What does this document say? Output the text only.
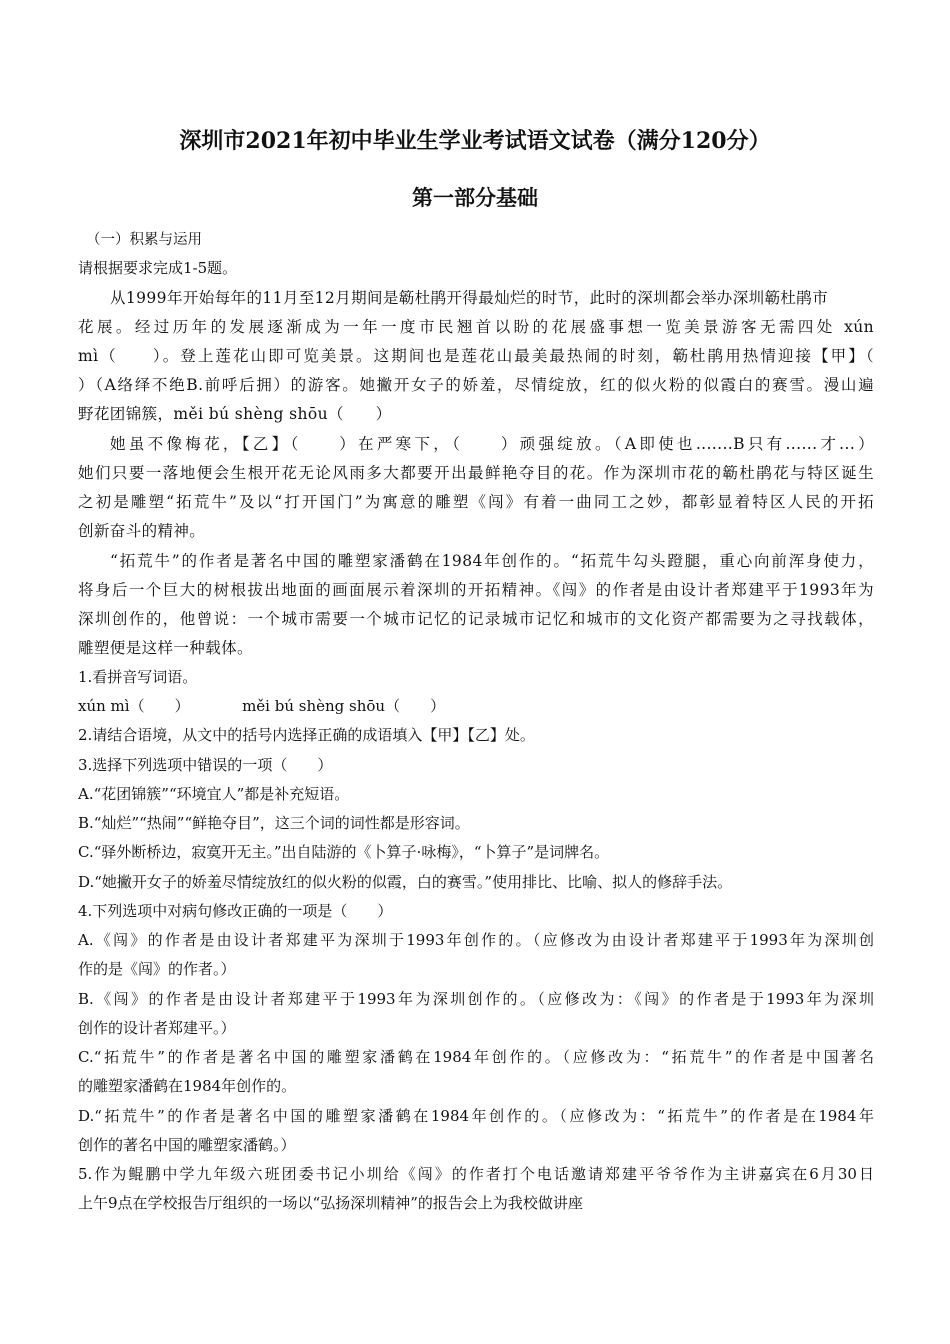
深圳市2021年初中毕业生学业考试语文试卷（满分120分）
第一部分基础
（一）积累与运用
请根据要求完成1-5题。
从1999年开始每年的11月至12月期间是簕杜鹃开得最灿烂的时节，此时的深圳都会举办深圳簕杜鹃市
花展。经过历年的发展逐渐成为一年一度市民翘首以盼的花展盛事想一览美景游客无需四处 xún
mì（　　）。登上莲花山即可览美景。这期间也是莲花山最美最热闹的时刻，簕杜鹃用热情迎接【甲】（
）（A络绎不绝B.前呼后拥）的游客。她撇开女子的娇羞，尽情绽放，红的似火粉的似霞白的赛雪。漫山遍
野花团锦簇，měi bú shèng shōu（　　）
她虽不像梅花，【乙】（　　）在严寒下，（　　）顽强绽放。（A即使也.......B只有......才...）
她们只要一落地便会生根开花无论风雨多大都要开出最鲜艳夺目的花。作为深圳市花的簕杜鹃花与特区诞生
之初是雕塑“拓荒牛”及以“打开国门”为寓意的雕塑《闯》有着一曲同工之妙，都彰显着特区人民的开拓
创新奋斗的精神。
“拓荒牛”的作者是著名中国的雕塑家潘鹤在1984年创作的。“拓荒牛勾头蹬腿，重心向前浑身使力，
将身后一个巨大的树根拔出地面的画面展示着深圳的开拓精神。《闯》的作者是由设计者郑建平于1993年为
深圳创作的，他曾说：一个城市需要一个城市记忆的记录城市记忆和城市的文化资产都需要为之寻找载体，
雕塑便是这样一种载体。
1.看拼音写词语。
xún mì（　　）　　　　měi bú shèng shōu（　　）
2.请结合语境，从文中的括号内选择正确的成语填入【甲】【乙】处。
3.选择下列选项中错误的一项（　　）
A.“花团锦簇”“环境宜人”都是补充短语。
B.“灿烂”“热闹”“鲜艳夺目”，这三个词的词性都是形容词。
C.“驿外断桥边，寂寞开无主。”出自陆游的《卜算子·咏梅》，“卜算子”是词牌名。
D.“她撇开女子的娇羞尽情绽放红的似火粉的似霞，白的赛雪。”使用排比、比喻、拟人的修辞手法。
4.下列选项中对病句修改正确的一项是（　　）
A.《闯》的作者是由设计者郑建平为深圳于1993年创作的。（应修改为由设计者郑建平于1993年为深圳创
作的是《闯》的作者。）
B.《闯》的作者是由设计者郑建平于1993年为深圳创作的。（应修改为：《闯》的作者是于1993年为深圳
创作的设计者郑建平。）
C.“拓荒牛”的作者是著名中国的雕塑家潘鹤在1984年创作的。（应修改为：“拓荒牛”的作者是中国著名
的雕塑家潘鹤在1984年创作的。
D.“拓荒牛”的作者是著名中国的雕塑家潘鹤在1984年创作的。（应修改为：“拓荒牛”的作者是在1984年
创作的著名中国的雕塑家潘鹤。）
5.作为鲲鹏中学九年级六班团委书记小圳给《闯》的作者打个电话邀请郑建平爷爷作为主讲嘉宾在6月30日
上午9点在学校报告厅组织的一场以“弘扬深圳精神”的报告会上为我校做讲座
